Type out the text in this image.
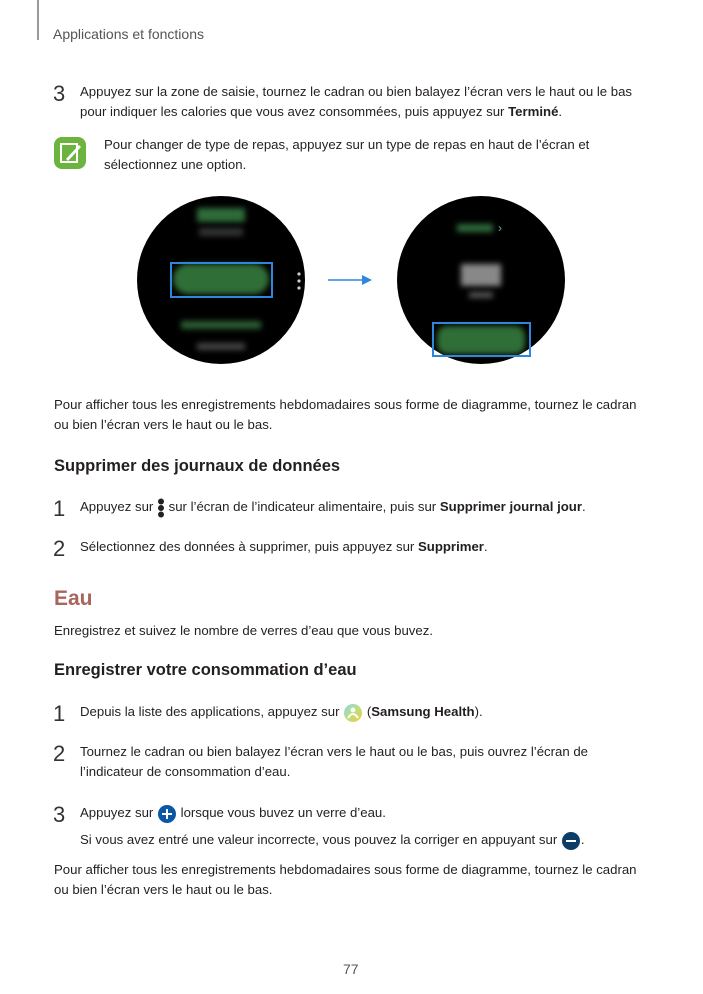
Applications et fonctions
3 Appuyez sur la zone de saisie, tournez le cadran ou bien balayez l’écran vers le haut ou le bas
pour indiquer les calories que vous avez consommées, puis appuyez sur Terminé.
Pour changer de type de repas, appuyez sur un type de repas en haut de l’écran et
sélectionnez une option.
›
Pour afficher tous les enregistrements hebdomadaires sous forme de diagramme, tournez le cadran
ou bien l’écran vers le haut ou le bas.
Supprimer des journaux de données
1 Appuyez sur  sur l’écran de l’indicateur alimentaire, puis sur Supprimer journal jour.
2 Sélectionnez des données à supprimer, puis appuyez sur Supprimer.
Eau
Enregistrez et suivez le nombre de verres d’eau que vous buvez.
Enregistrer votre consommation d’eau
1 Depuis la liste des applications, appuyez sur  (Samsung Health).
2 Tournez le cadran ou bien balayez l’écran vers le haut ou le bas, puis ouvrez l’écran de
l’indicateur de consommation d’eau.
3 Appuyez sur  lorsque vous buvez un verre d’eau.
Si vous avez entré une valeur incorrecte, vous pouvez la corriger en appuyant sur .
Pour afficher tous les enregistrements hebdomadaires sous forme de diagramme, tournez le cadran
ou bien l’écran vers le haut ou le bas.
77
